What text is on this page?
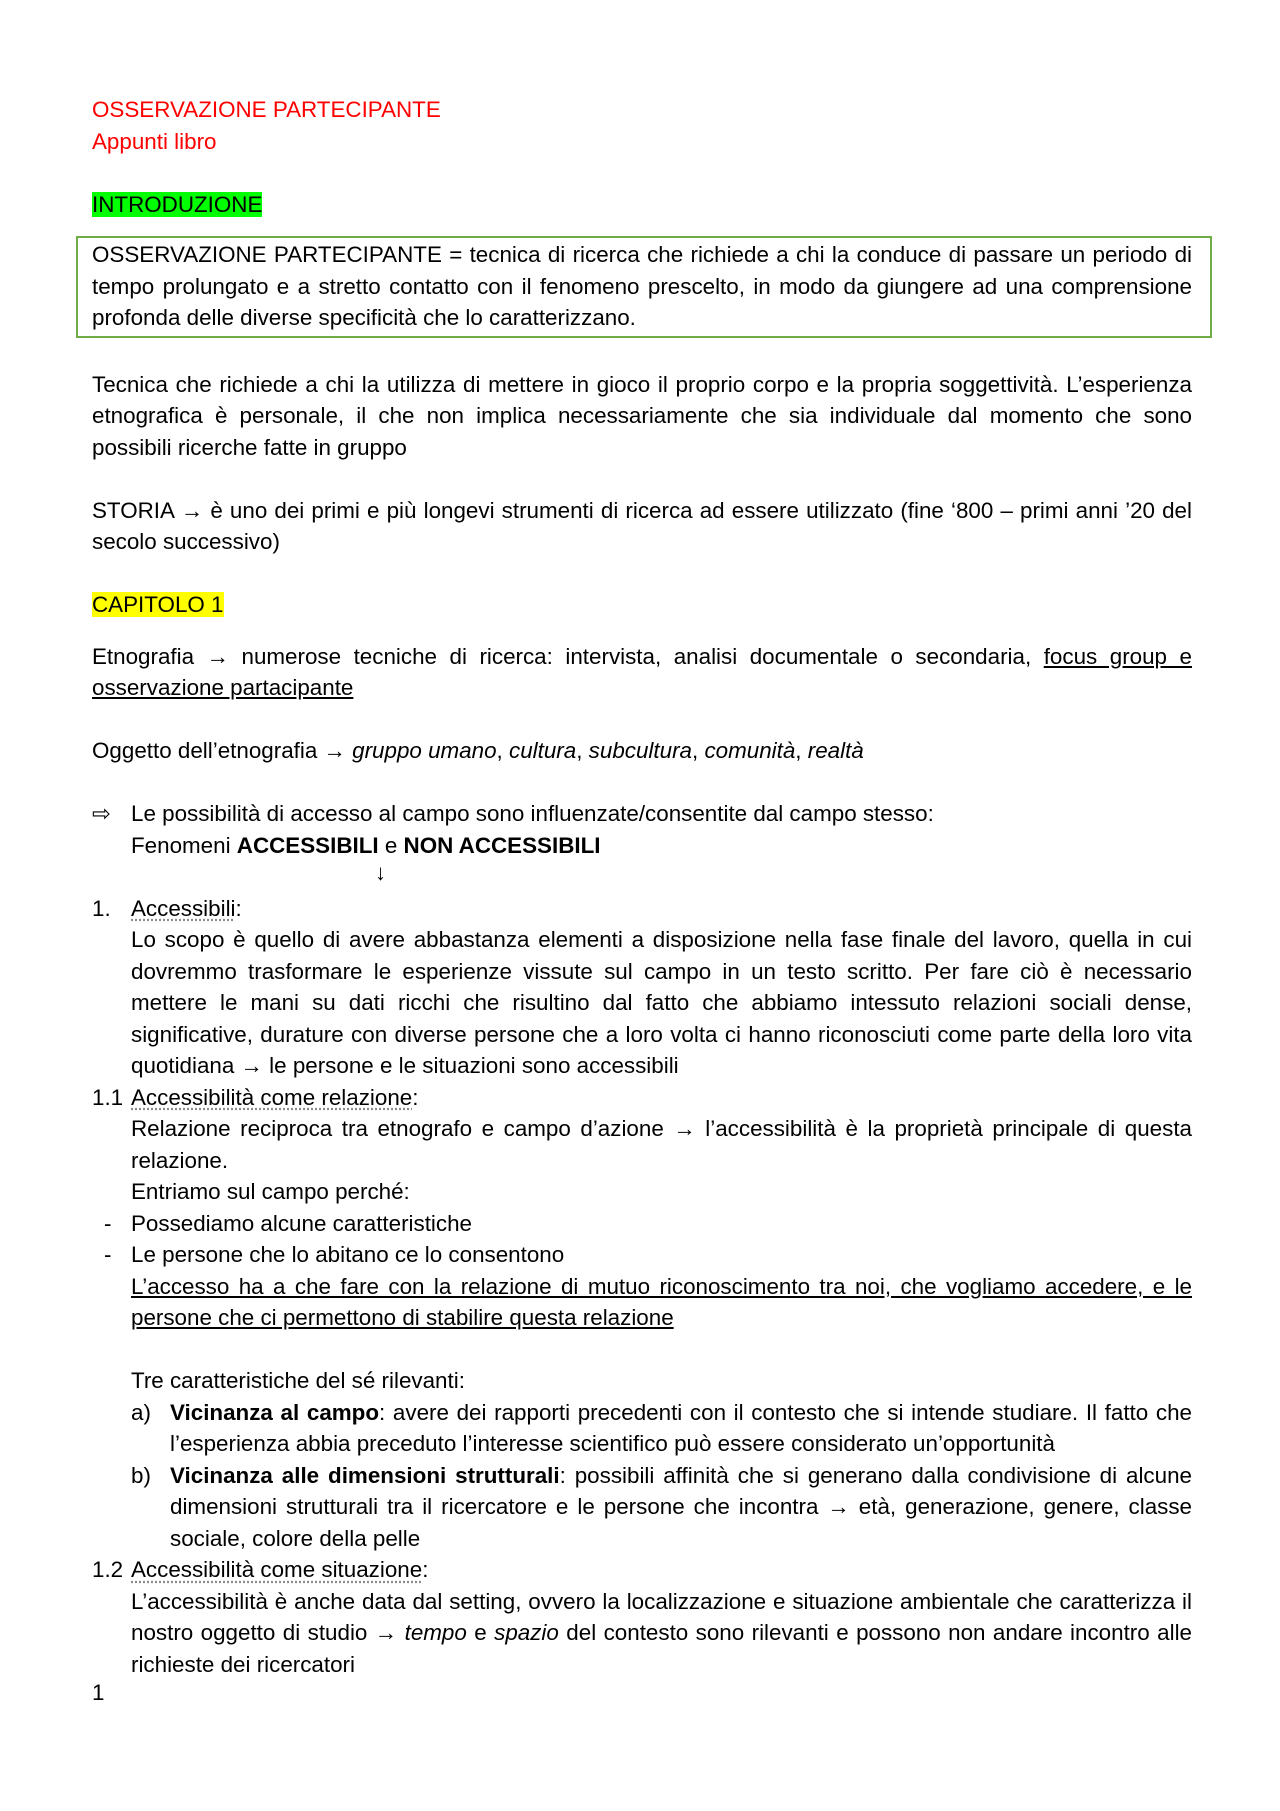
OSSERVAZIONE PARTECIPANTE

Appunti libro

INTRODUZIONE

OSSERVAZIONE PARTECIPANTE = tecnica di ricerca che richiede a chi la conduce di passare un periodo di tempo prolungato e a stretto contatto con il fenomeno prescelto, in modo da giungere ad una comprensione profonda delle diverse specificità che lo caratterizzano.

Tecnica che richiede a chi la utilizza di mettere in gioco il proprio corpo e la propria soggettività. L’esperienza etnografica è personale, il che non implica necessariamente che sia individuale dal momento che sono possibili ricerche fatte in gruppo

STORIA → è uno dei primi e più longevi strumenti di ricerca ad essere utilizzato (fine ‘800 – primi anni ’20 del secolo successivo)

CAPITOLO 1

Etnografia → numerose tecniche di ricerca: intervista, analisi documentale o secondaria, focus group e osservazione partacipante

Oggetto dell’etnografia → gruppo umano, cultura, subcultura, comunità, realtà

⇨ Le possibilità di accesso al campo sono influenzate/consentite dal campo stesso:

Fenomeni ACCESSIBILI e NON ACCESSIBILI

↓
1. Accessibili:

Lo scopo è quello di avere abbastanza elementi a disposizione nella fase finale del lavoro, quella in cui dovremmo trasformare le esperienze vissute sul campo in un testo scritto. Per fare ciò è necessario mettere le mani su dati ricchi che risultino dal fatto che abbiamo intessuto relazioni sociali dense, significative, durature con diverse persone che a loro volta ci hanno riconosciuti come parte della loro vita quotidiana → le persone e le situazioni sono accessibili

1.1 Accessibilità come relazione:

Relazione reciproca tra etnografo e campo d’azione → l’accessibilità è la proprietà principale di questa relazione.

Entriamo sul campo perché:

- Possediamo alcune caratteristiche

- Le persone che lo abitano ce lo consentono

L’accesso ha a che fare con la relazione di mutuo riconoscimento tra noi, che vogliamo accedere, e le persone che ci permettono di stabilire questa relazione

Tre caratteristiche del sé rilevanti:

a) Vicinanza al campo: avere dei rapporti precedenti con il contesto che si intende studiare. Il fatto che l’esperienza abbia preceduto l’interesse scientifico può essere considerato un’opportunità

b) Vicinanza alle dimensioni strutturali: possibili affinità che si generano dalla condivisione di alcune dimensioni strutturali tra il ricercatore e le persone che incontra → età, generazione, genere, classe sociale, colore della pelle

1.2 Accessibilità come situazione:

L’accessibilità è anche data dal setting, ovvero la localizzazione e situazione ambientale che caratterizza il nostro oggetto di studio → tempo e spazio del contesto sono rilevanti e possono non andare incontro alle richieste dei ricercatori

1
